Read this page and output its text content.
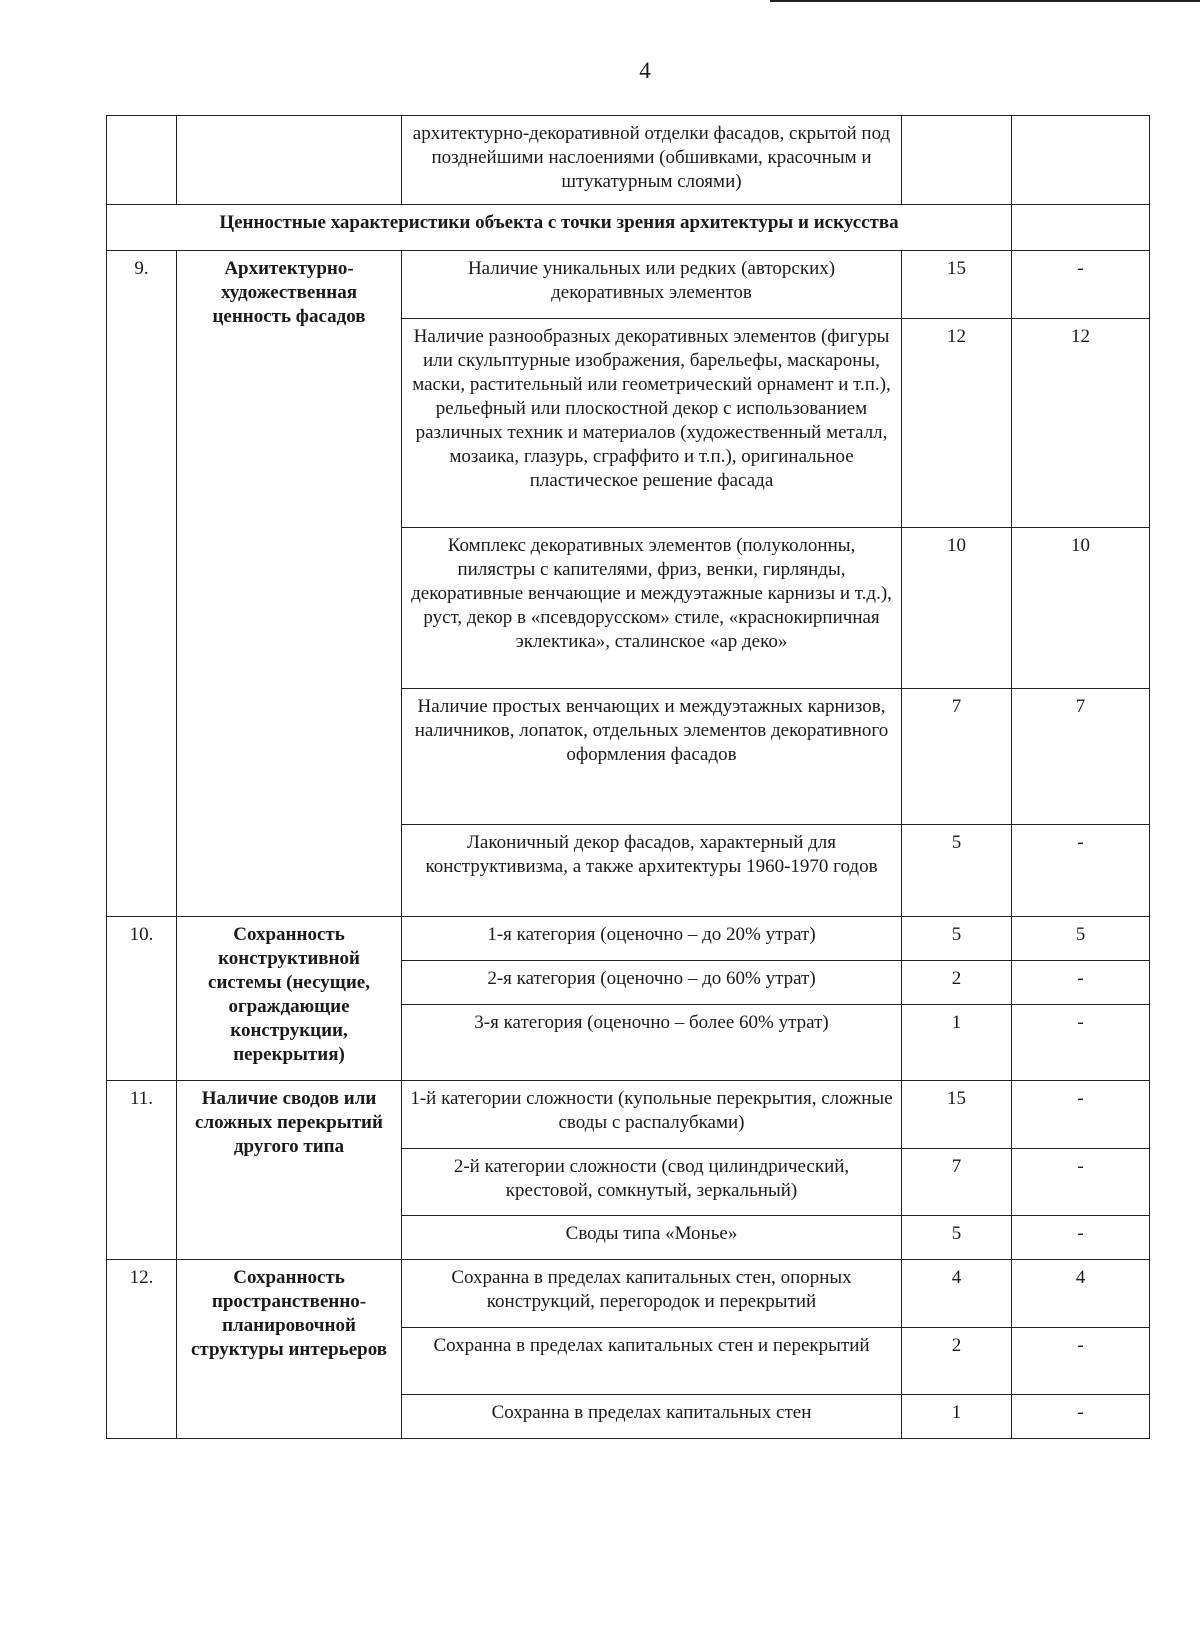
4
		архитектурно-декоративной отделки фасадов, скрытой под позднейшими наслоениями (обшивками, красочным и штукатурным слоями)		
Ценностные характеристики объекта с точки зрения архитектуры и искусства				
9.	Архитектурно-художественная ценность фасадов	Наличие уникальных или редких (авторских) декоративных элементов	15	-
		Наличие разнообразных декоративных элементов (фигуры или скульптурные изображения, барельефы, маскароны, маски, растительный или геометрический орнамент и т.п.), рельефный или плоскостной декор с использованием различных техник и материалов (художественный металл, мозаика, глазурь, сграффито и т.п.), оригинальное пластическое решение фасада	12	12
		Комплекс декоративных элементов (полуколонны, пилястры с капителями, фриз, венки, гирлянды, декоративные венчающие и междуэтажные карнизы и т.д.), руст, декор в «псевдорусском» стиле, «краснокирпичная эклектика», сталинское «ар деко»	10	10
		Наличие простых венчающих и междуэтажных карнизов, наличников, лопаток, отдельных элементов декоративного оформления фасадов	7	7
		Лаконичный декор фасадов, характерный для конструктивизма, а также архитектуры 1960-1970 годов	5	-
10.	Сохранность конструктивной системы (несущие, ограждающие конструкции, перекрытия)	1-я категория (оценочно – до 20% утрат)	5	5
		2-я категория (оценочно – до 60% утрат)	2	-
		3-я категория (оценочно – более 60% утрат)	1	-
11.	Наличие сводов или сложных перекрытий другого типа	1-й категории сложности (купольные перекрытия, сложные своды с распалубками)	15	-
		2-й категории сложности (свод цилиндрический, крестовой, сомкнутый, зеркальный)	7	-
		Своды типа «Монье»	5	-
12.	Сохранность пространственно-планировочной структуры интерьеров	Сохранна в пределах капитальных стен, опорных конструкций, перегородок и перекрытий	4	4
		Сохранна в пределах капитальных стен и перекрытий	2	-
		Сохранна в пределах капитальных стен	1	-
